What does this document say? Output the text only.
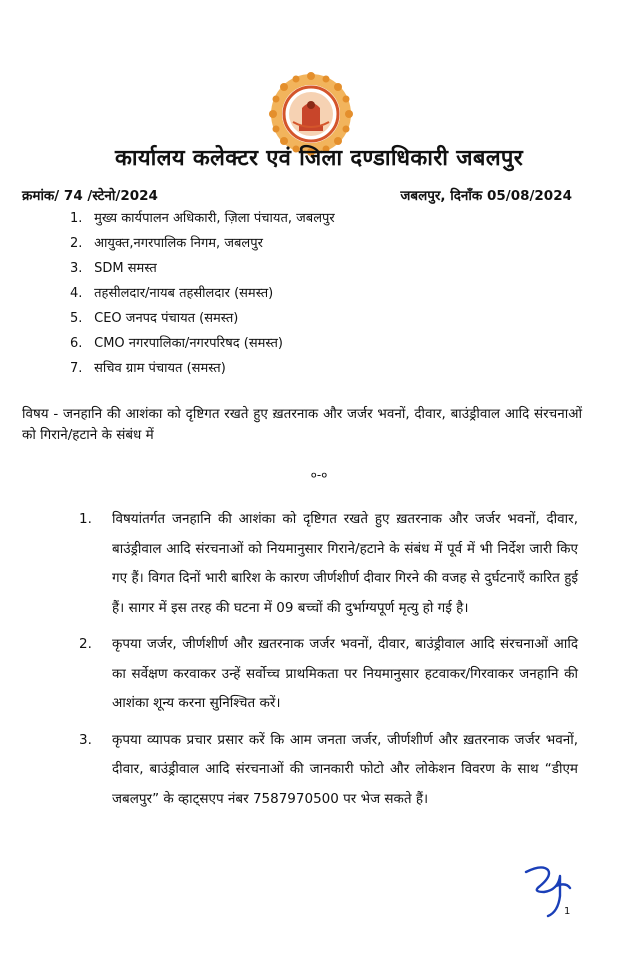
कार्यालय कलेक्टर एवं जिला दण्डाधिकारी जबलपुर
क्रमांक/ 74 /स्टेनो/2024	जबलपुर, दिनाँक 05/08/2024
1. मुख्य कार्यपालन अधिकारी, ज़िला पंचायत, जबलपुर
2. आयुक्त,नगरपालिक निगम, जबलपुर
3. SDM समस्त
4. तहसीलदार/नायब तहसीलदार (समस्त)
5. CEO जनपद पंचायत (समस्त)
6. CMO नगरपालिका/नगरपरिषद (समस्त)
7. सचिव ग्राम पंचायत (समस्त)
विषय - जनहानि की आशंका को दृष्टिगत रखते हुए ख़तरनाक और जर्जर भवनों, दीवार, बाउंड्रीवाल आदि संरचनाओं को गिराने/हटाने के संबंध में
०-०
1. विषयांतर्गत जनहानि की आशंका को दृष्टिगत रखते हुए ख़तरनाक और जर्जर भवनों, दीवार, बाउंड्रीवाल आदि संरचनाओं को नियमानुसार गिराने/हटाने के संबंध में पूर्व में भी निर्देश जारी किए गए हैं। विगत दिनों भारी बारिश के कारण जीर्णशीर्ण दीवार गिरने की वजह से दुर्घटनाएँ कारित हुई हैं। सागर में इस तरह की घटना में 09 बच्चों की दुर्भाग्यपूर्ण मृत्यु हो गई है।
2. कृपया जर्जर, जीर्णशीर्ण और ख़तरनाक जर्जर भवनों, दीवार, बाउंड्रीवाल आदि संरचनाओं आदि का सर्वेक्षण करवाकर उन्हें सर्वोच्च प्राथमिकता पर नियमानुसार हटवाकर/गिरवाकर जनहानि की आशंका शून्य करना सुनिश्चित करें।
3. कृपया व्यापक प्रचार प्रसार करें कि आम जनता जर्जर, जीर्णशीर्ण और ख़तरनाक जर्जर भवनों, दीवार, बाउंड्रीवाल आदि संरचनाओं की जानकारी फोटो और लोकेशन विवरण के साथ “डीएम जबलपुर” के व्हाट्सएप नंबर 7587970500 पर भेज सकते हैं।
1
